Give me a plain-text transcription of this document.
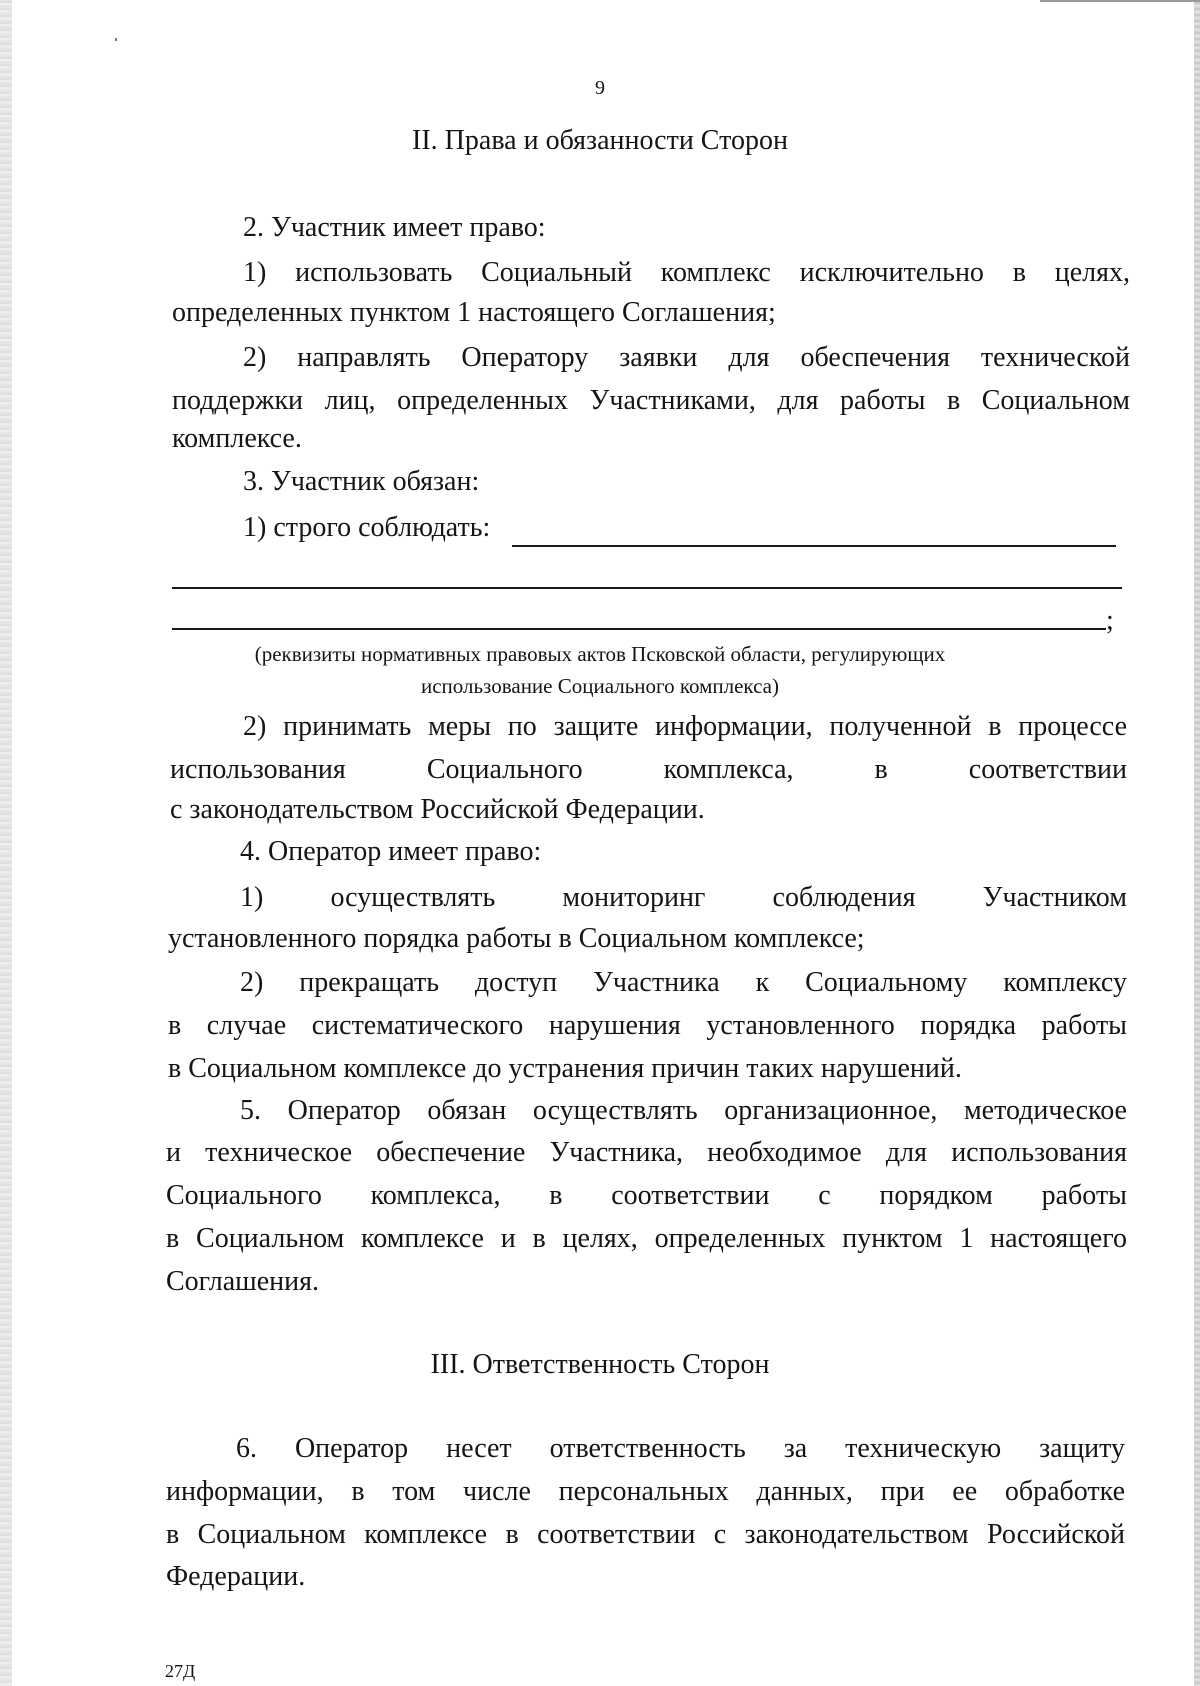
9
II. Права и обязанности Сторон
2. Участник имеет право:
1) использовать Социальный комплекс исключительно в целях,
определенных пунктом 1 настоящего Соглашения;
2) направлять Оператору заявки для обеспечения технической
поддержки лиц, определенных Участниками, для работы в Социальном
комплексе.
3. Участник обязан:
1) строго соблюдать:
;
(реквизиты нормативных правовых актов Псковской области, регулирующих
использование Социального комплекса)
2) принимать меры по защите информации, полученной в процессе
использования Социального комплекса, в соответствии
с законодательством Российской Федерации.
4. Оператор имеет право:
1) осуществлять мониторинг соблюдения Участником
установленного порядка работы в Социальном комплексе;
2) прекращать доступ Участника к Социальному комплексу
в случае систематического нарушения установленного порядка работы
в Социальном комплексе до устранения причин таких нарушений.
5. Оператор обязан осуществлять организационное, методическое
и техническое обеспечение Участника, необходимое для использования
Социального комплекса, в соответствии с порядком работы
в Социальном комплексе и в целях, определенных пунктом 1 настоящего
Соглашения.
III. Ответственность Сторон
6. Оператор несет ответственность за техническую защиту
информации, в том числе персональных данных, при ее обработке
в Социальном комплексе в соответствии с законодательством Российской
Федерации.
27Д
